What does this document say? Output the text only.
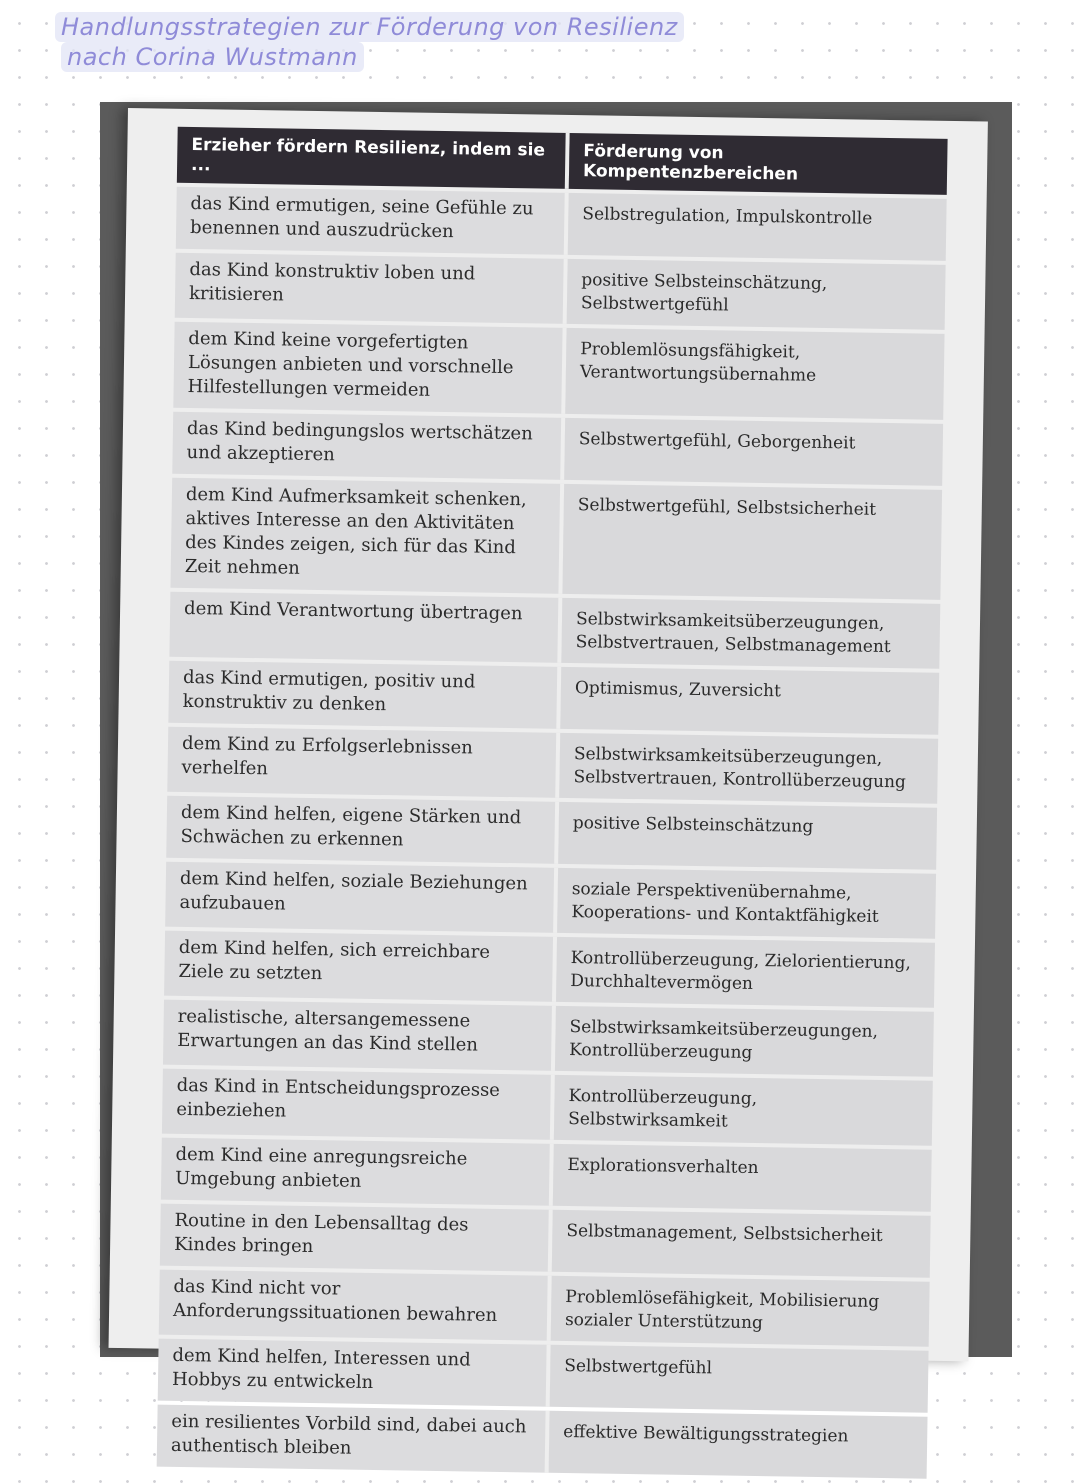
Handlungsstrategien zur Förderung von Resilienz
nach Corina Wustmann
Erzieher fördern Resilienz, indem sie ...	Förderung von Kompentenzbereichen
das Kind ermutigen, seine Gefühle zu benennen und auszudrücken	Selbstregulation, Impulskontrolle
das Kind konstruktiv loben und kritisieren	positive Selbsteinschätzung, Selbstwertgefühl
dem Kind keine vorgefertigten Lösungen anbieten und vorschnelle Hilfestellungen vermeiden	Problemlösungsfähigkeit, Verantwortungsübernahme
das Kind bedingungslos wertschätzen und akzeptieren	Selbstwertgefühl, Geborgenheit
dem Kind Aufmerksamkeit schenken, aktives Interesse an den Aktivitäten des Kindes zeigen, sich für das Kind Zeit nehmen	Selbstwertgefühl, Selbstsicherheit
dem Kind Verantwortung übertragen	Selbstwirksamkeitsüberzeugungen, Selbstvertrauen, Selbstmanagement
das Kind ermutigen, positiv und konstruktiv zu denken	Optimismus, Zuversicht
dem Kind zu Erfolgserlebnissen verhelfen	Selbstwirksamkeitsüberzeugungen, Selbstvertrauen, Kontrollüberzeugung
dem Kind helfen, eigene Stärken und Schwächen zu erkennen	positive Selbsteinschätzung
dem Kind helfen, soziale Beziehungen aufzubauen	soziale Perspektivenübernahme, Kooperations- und Kontaktfähigkeit
dem Kind helfen, sich erreichbare Ziele zu setzten	Kontrollüberzeugung, Zielorientierung, Durchhaltevermögen
realistische, altersangemessene Erwartungen an das Kind stellen	Selbstwirksamkeitsüberzeugungen, Kontrollüberzeugung
das Kind in Entscheidungsprozesse einbeziehen	Kontrollüberzeugung, Selbstwirksamkeit
dem Kind eine anregungsreiche Umgebung anbieten	Explorationsverhalten
Routine in den Lebensalltag des Kindes bringen	Selbstmanagement, Selbstsicherheit
das Kind nicht vor Anforderungssituationen bewahren	Problemlösefähigkeit, Mobilisierung sozialer Unterstützung
dem Kind helfen, Interessen und Hobbys zu entwickeln	Selbstwertgefühl
ein resilientes Vorbild sind, dabei auch authentisch bleiben	effektive Bewältigungsstrategien
